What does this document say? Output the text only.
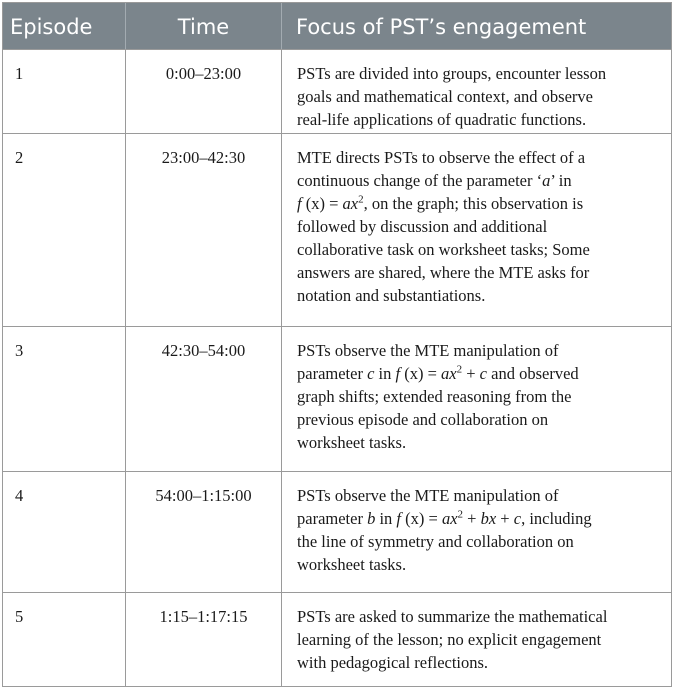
Episode	Time	Focus of PST’s engagement
1	0:00–23:00	PSTs are divided into groups, encounter lesson
goals and mathematical context, and observe
real-life applications of quadratic functions.
2	23:00–42:30	MTE directs PSTs to observe the effect of a
continuous change of the parameter ‘a’ in
f $(x) = ax^2$, on the graph; this observation is
followed by discussion and additional
collaborative task on worksheet tasks; Some
answers are shared, where the MTE asks for
notation and substantiations.
3	42:30–54:00	PSTs observe the MTE manipulation of
parameter c in f $(x) = ax^2 + c$ and observed
graph shifts; extended reasoning from the
previous episode and collaboration on
worksheet tasks.
4	54:00–1:15:00	PSTs observe the MTE manipulation of
parameter b in f $(x) = ax^2$ + bx + c, including
the line of symmetry and collaboration on
worksheet tasks.
5	1:15–1:17:15	PSTs are asked to summarize the mathematical
learning of the lesson; no explicit engagement
with pedagogical reflections.
